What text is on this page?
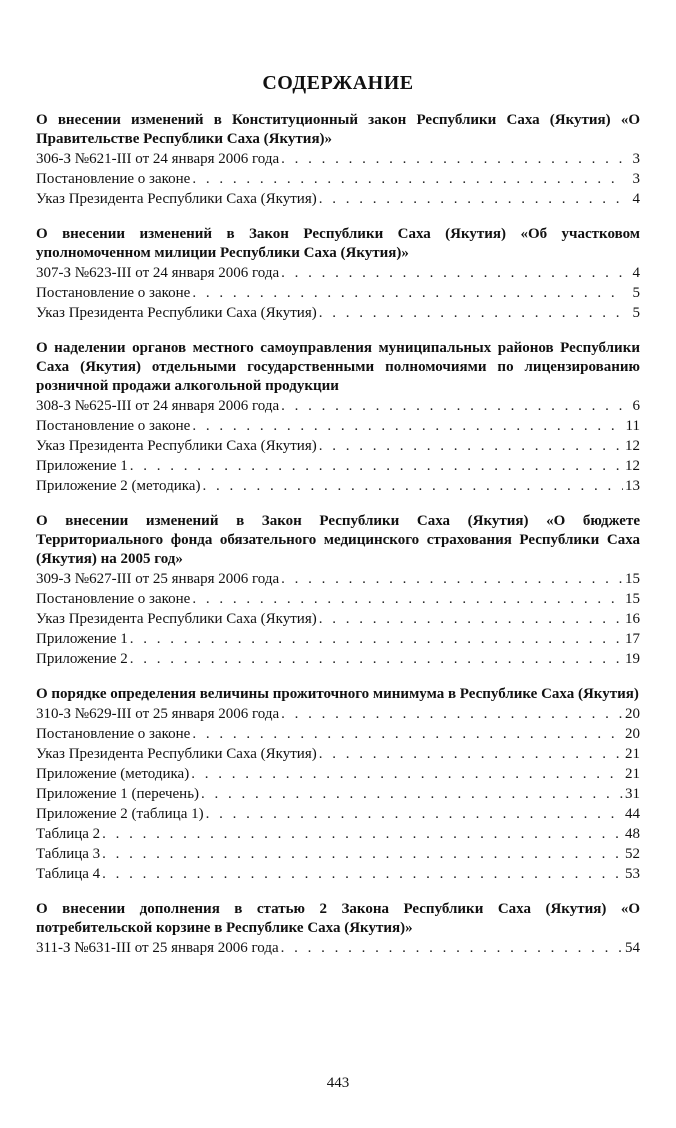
СОДЕРЖАНИЕ

О внесении изменений в Конституционный закон Республики Саха (Якутия) «О Правительстве Республики Саха (Якутия)»

306-З №621-III от 24 января 2006 года . . .	3
Постановление о законе . . .	3
Указ Президента Республики Саха (Якутия) . . .	4

О внесении изменений в Закон Республики Саха (Якутия) «Об участковом уполномоченном милиции Республики Саха (Якутия)»

307-З №623-III от 24 января 2006 года . . .	4
Постановление о законе . . .	5
Указ Президента Республики Саха (Якутия) . . .	5

О наделении органов местного самоуправления муниципальных районов Республики Саха (Якутия) отдельными государственными полномочиями по лицензированию розничной продажи алкогольной продукции

308-З №625-III от 24 января 2006 года . . .	6
Постановление о законе . . .	11
Указ Президента Республики Саха (Якутия) . . .	12
Приложение 1 . . .	12
Приложение 2 (методика) . . .	13

О внесении изменений в Закон Республики Саха (Якутия) «О бюджете Территориального фонда обязательного медицинского страхования Республики Саха (Якутия) на 2005 год»

309-З №627-III от 25 января 2006 года . . .	15
Постановление о законе . . .	15
Указ Президента Республики Саха (Якутия) . . .	16
Приложение 1 . . .	17
Приложение 2 . . .	19

О порядке определения величины прожиточного минимума в Республике Саха (Якутия)

310-З №629-III от 25 января 2006 года . . .	20
Постановление о законе . . .	20
Указ Президента Республики Саха (Якутия) . . .	21
Приложение (методика) . . .	21
Приложение 1 (перечень) . . .	31
Приложение 2 (таблица 1) . . .	44
Таблица 2 . . .	48
Таблица 3 . . .	52
Таблица 4 . . .	53

О внесении дополнения в статью 2 Закона Республики Саха (Якутия) «О потребительской корзине в Республике Саха (Якутия)»

311-З №631-III от 25 января 2006 года . . .	54
443
